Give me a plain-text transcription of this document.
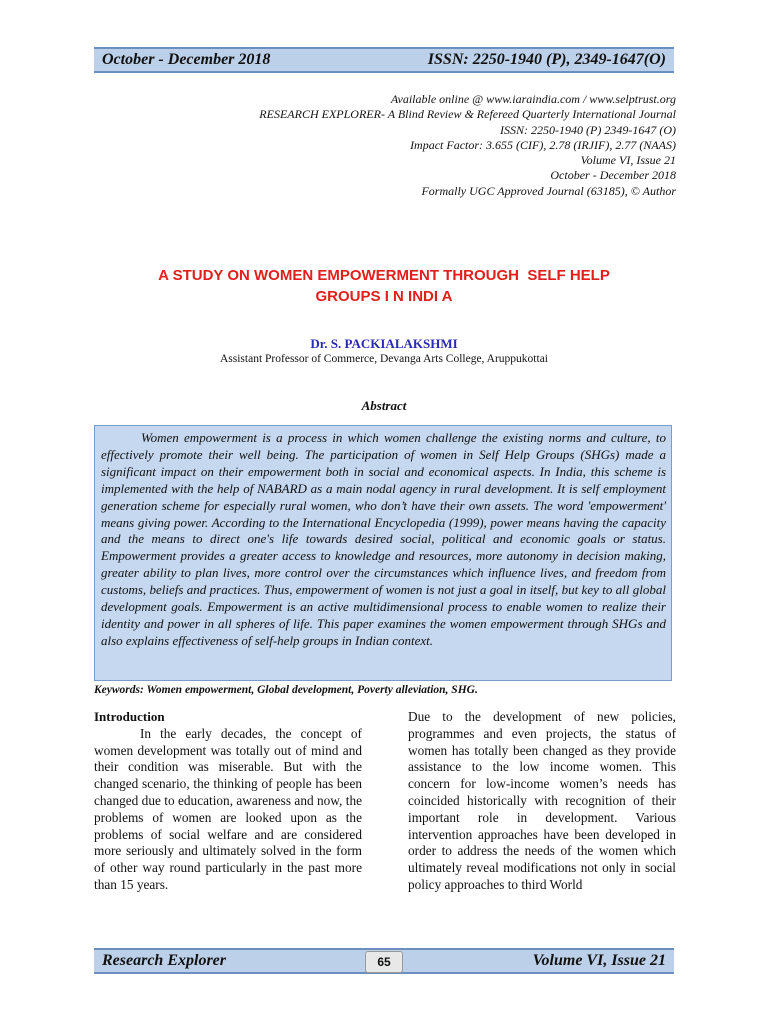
October - December 2018	ISSN: 2250-1940 (P), 2349-1647(O)
Available online @ www.iaraindia.com / www.selptrust.org
RESEARCH EXPLORER- A Blind Review & Refereed Quarterly International Journal
ISSN: 2250-1940 (P) 2349-1647 (O)
Impact Factor: 3.655 (CIF), 2.78 (IRJIF), 2.77 (NAAS)
Volume VI, Issue 21
October - December 2018
Formally UGC Approved Journal (63185), © Author
A STUDY ON WOMEN EMPOWERMENT THROUGH  SELF HELP
GROUPS I N INDI A
Dr. S. PACKIALAKSHMI
Assistant Professor of Commerce, Devanga Arts College, Aruppukottai
Abstract
Women empowerment is a process in which women challenge the existing norms and culture, to effectively promote their well being. The participation of women in Self Help Groups (SHGs) made a significant impact on their empowerment both in social and economical aspects. In India, this scheme is implemented with the help of NABARD as a main nodal agency in rural development. It is self employment generation scheme for especially rural women, who don’t have their own assets. The word 'empowerment' means giving power. According to the International Encyclopedia (1999), power means having the capacity and the means to direct one's life towards desired social, political and economic goals or status. Empowerment provides a greater access to knowledge and resources, more autonomy in decision making, greater ability to plan lives, more control over the circumstances which influence lives, and freedom from customs, beliefs and practices. Thus, empowerment of women is not just a goal in itself, but key to all global development goals. Empowerment is an active multidimensional process to enable women to realize their identity and power in all spheres of life. This paper examines the women empowerment through SHGs and also explains effectiveness of self-help groups in Indian context.
Keywords: Women empowerment, Global development, Poverty alleviation, SHG.
Introduction

In the early decades, the concept of women development was totally out of mind and their condition was miserable. But with the changed scenario, the thinking of people has been changed due to education, awareness and now, the problems of women are looked upon as the problems of social welfare and are considered more seriously and ultimately solved in the form of other way round particularly in the past more than 15 years.

Due to the development of new policies, programmes and even projects, the status of women has totally been changed as they provide assistance to the low income women. This concern for low-income women’s needs has coincided historically with recognition of their important role in development. Various intervention approaches have been developed in order to address the needs of the women which ultimately reveal modifications not only in social policy approaches to third World

Research Explorer	65	Volume VI, Issue 21
